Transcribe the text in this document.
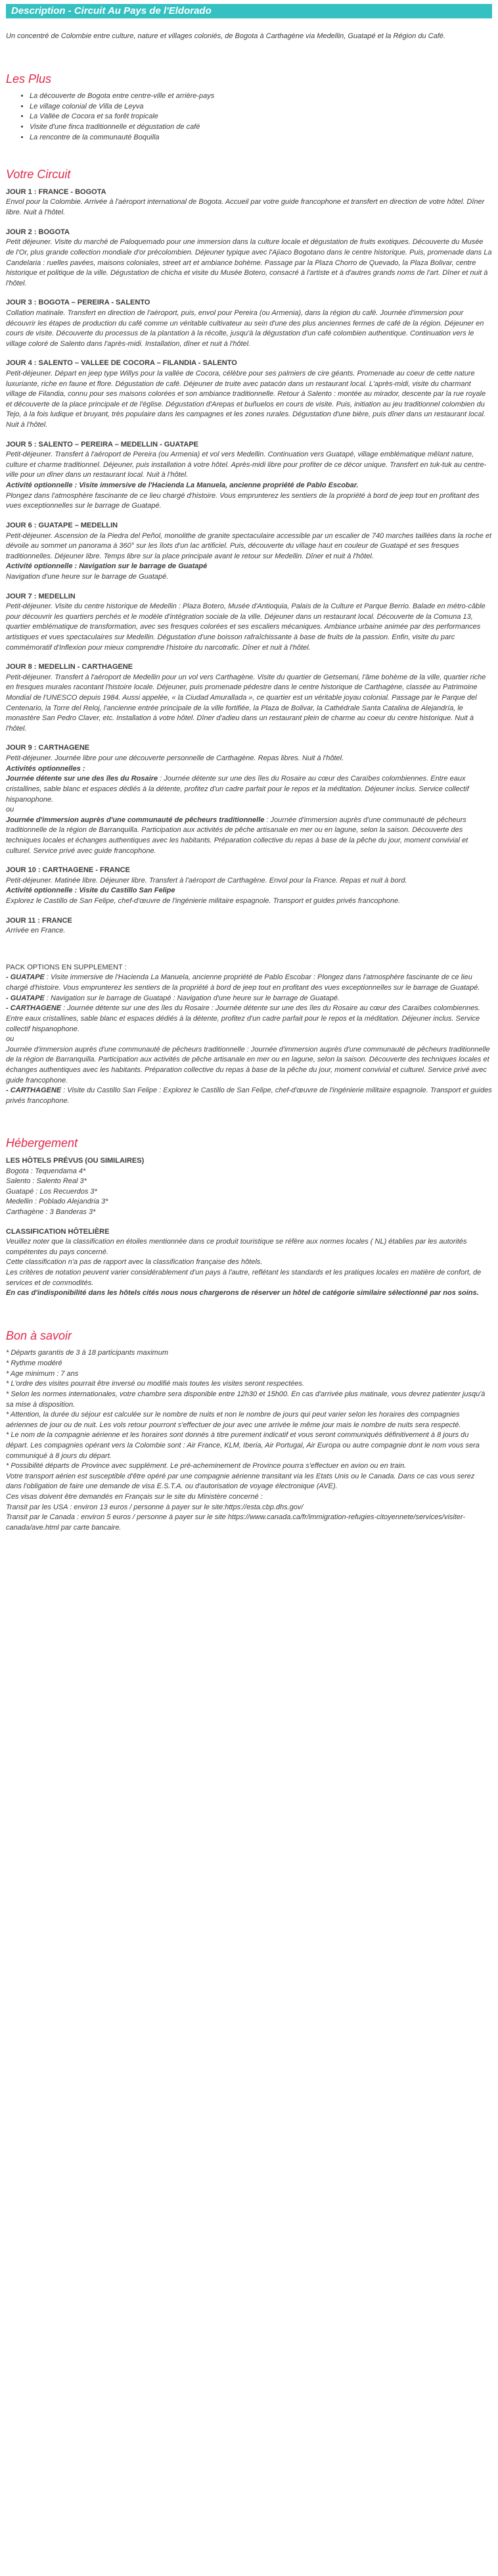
Description - Circuit Au Pays de l'Eldorado
Un concentré de Colombie entre culture, nature et villages coloniés, de Bogota à Carthagène via Medellin, Guatapé et la Région du Café.
Les Plus
• La découverte de Bogota entre centre-ville et arrière-pays
• Le village colonial de Villa de Leyva
• La Vallée de Cocora et sa forêt tropicale
• Visite d'une finca traditionnelle et dégustation de café
• La rencontre de la communauté Boquilla
Votre Circuit
JOUR 1 : FRANCE - BOGOTA
Envol pour la Colombie. Arrivée à l'aéroport international de Bogota. Accueil par votre guide francophone et transfert en direction de votre hôtel. Dîner libre. Nuit à l'hôtel.
JOUR 2 : BOGOTA
Petit déjeuner. Visite du marché de Paloquemado pour une immersion dans la culture locale et dégustation de fruits exotiques. Découverte du Musée de l'Or, plus grande collection mondiale d'or précolombien. Déjeuner typique avec l'Ajiaco Bogotano dans le centre historique. Puis, promenade dans La Candelaria : ruelles pavées, maisons coloniales, street art et ambiance bohème. Passage par la Plaza Chorro de Quevado, la Plaza Bolivar, centre historique et politique de la ville. Dégustation de chicha et visite du Musée Botero, consacré à l'artiste et à d'autres grands noms de l'art. Dîner et nuit à l'hôtel.
JOUR 3 : BOGOTA – PEREIRA - SALENTO
Collation matinale. Transfert en direction de l'aéroport, puis, envol pour Pereira (ou Armenia), dans la région du café. Journée d'immersion pour découvrir les étapes de production du café comme un véritable cultivateur au sein d'une des plus anciennes fermes de café de la région. Déjeuner en cours de visite. Découverte du processus de la plantation à la récolte, jusqu'à la dégustation d'un café colombien authentique. Continuation vers le village coloré de Salento dans l'après-midi. Installation, dîner et nuit à l'hôtel.
JOUR 4 : SALENTO – VALLEE DE COCORA – FILANDIA - SALENTO
Petit-déjeuner. Départ en jeep type Willys pour la vallée de Cocora, célèbre pour ses palmiers de cire géants. Promenade au coeur de cette nature luxuriante, riche en faune et flore. Dégustation de café. Déjeuner de truite avec patacón dans un restaurant local. L'après-midi, visite du charmant village de Filandia, connu pour ses maisons colorées et son ambiance traditionnelle. Retour à Salento : montée au mirador, descente par la rue royale et découverte de la place principale et de l'église. Dégustation d'Arepas et buñuelos en cours de visite. Puis, initiation au jeu traditionnel colombien du Tejo, à la fois ludique et bruyant, très populaire dans les campagnes et les zones rurales. Dégustation d'une bière, puis dîner dans un restaurant local. Nuit à l'hôtel.
JOUR 5 : SALENTO – PEREIRA – MEDELLIN - GUATAPE
Petit-déjeuner. Transfert à l'aéroport de Pereira (ou Armenia) et vol vers Medellin. Continuation vers Guatapé, village emblématique mêlant nature, culture et charme traditionnel. Déjeuner, puis installation à votre hôtel. Après-midi libre pour profiter de ce décor unique. Transfert en tuk-tuk au centre-ville pour un dîner dans un restaurant local. Nuit à l'hôtel.
Activité optionnelle : Visite immersive de l'Hacienda La Manuela, ancienne propriété de Pablo Escobar.
Plongez dans l'atmosphère fascinante de ce lieu chargé d'histoire. Vous emprunterez les sentiers de la propriété à bord de jeep tout en profitant des vues exceptionnelles sur le barrage de Guatapé.
JOUR 6 : GUATAPE – MEDELLIN
Petit-déjeuner. Ascension de la Piedra del Peñol, monolithe de granite spectaculaire accessible par un escalier de 740 marches taillées dans la roche et dévoile au sommet un panorama à 360° sur les îlots d'un lac artificiel. Puis, découverte du village haut en couleur de Guatapé et ses fresques traditionnelles. Déjeuner libre. Temps libre sur la place principale avant le retour sur Medellin. Dîner et nuit à l'hôtel.
Activité optionnelle : Navigation sur le barrage de Guatapé
Navigation d'une heure sur le barrage de Guatapé.
JOUR 7 : MEDELLIN
Petit-déjeuner. Visite du centre historique de Medellin : Plaza Botero, Musée d'Antioquia, Palais de la Culture et Parque Berrio. Balade en métro-câble pour découvrir les quartiers perchés et le modèle d'intégration sociale de la ville. Déjeuner dans un restaurant local. Découverte de la Comuna 13, quartier emblématique de transformation, avec ses fresques colorées et ses escaliers mécaniques. Ambiance urbaine animée par des performances artistiques et vues spectaculaires sur Medellin. Dégustation d'une boisson rafraîchissante à base de fruits de la passion. Enfin, visite du parc commémoratif d'Inflexion pour mieux comprendre l'histoire du narcotrafic. Dîner et nuit à l'hôtel.
JOUR 8 : MEDELLIN - CARTHAGENE
Petit-déjeuner. Transfert à l'aéroport de Medellin pour un vol vers Carthagène. Visite du quartier de Getsemani, l'âme bohème de la ville, quartier riche en fresques murales racontant l'histoire locale. Déjeuner, puis promenade pédestre dans le centre historique de Carthagène, classée au Patrimoine Mondial de l'UNESCO depuis 1984. Aussi appelée, « la Ciudad Amurallada », ce quartier est un véritable joyau colonial. Passage par le Parque del Centenario, la Torre del Reloj, l'ancienne entrée principale de la ville fortifiée, la Plaza de Bolivar, la Cathédrale Santa Catalina de Alejandría, le monastère San Pedro Claver, etc. Installation à votre hôtel. Dîner d'adieu dans un restaurant plein de charme au coeur du centre historique. Nuit à l'hôtel.
JOUR 9 : CARTHAGENE
Petit-déjeuner. Journée libre pour une découverte personnelle de Carthagène. Repas libres. Nuit à l'hôtel.
Activités optionnelles :
Journée détente sur une des îles du Rosaire : Journée détente sur une des îles du Rosaire au cœur des Caraïbes colombiennes. Entre eaux cristallines, sable blanc et espaces dédiés à la détente, profitez d'un cadre parfait pour le repos et la méditation. Déjeuner inclus. Service collectif hispanophone.
ou
Journée d'immersion auprès d'une communauté de pêcheurs traditionnelle : Journée d'immersion auprès d'une communauté de pêcheurs traditionnelle de la région de Barranquilla. Participation aux activités de pêche artisanale en mer ou en lagune, selon la saison. Découverte des techniques locales et échanges authentiques avec les habitants. Préparation collective du repas à base de la pêche du jour, moment convivial et culturel. Service privé avec guide francophone.
JOUR 10 : CARTHAGENE - FRANCE
Petit-déjeuner. Matinée libre. Déjeuner libre. Transfert à l'aéroport de Carthagène. Envol pour la France. Repas et nuit à bord.
Activité optionnelle : Visite du Castillo San Felipe
Explorez le Castillo de San Felipe, chef-d'œuvre de l'ingénierie militaire espagnole. Transport et guides privés francophone.
JOUR 11 : FRANCE
Arrivée en France.
PACK OPTIONS EN SUPPLEMENT :
- GUATAPE : Visite immersive de l'Hacienda La Manuela, ancienne propriété de Pablo Escobar : Plongez dans l'atmosphère fascinante de ce lieu chargé d'histoire. Vous emprunterez les sentiers de la propriété à bord de jeep tout en profitant des vues exceptionnelles sur le barrage de Guatapé.
- GUATAPE : Navigation sur le barrage de Guatapé : Navigation d'une heure sur le barrage de Guatapé.
- CARTHAGENE : Journée détente sur une des îles du Rosaire : Journée détente sur une des îles du Rosaire au cœur des Caraïbes colombiennes. Entre eaux cristallines, sable blanc et espaces dédiés à la détente, profitez d'un cadre parfait pour le repos et la méditation. Déjeuner inclus. Service collectif hispanophone.
ou
Journée d'immersion auprès d'une communauté de pêcheurs traditionnelle : Journée d'immersion auprès d'une communauté de pêcheurs traditionnelle de la région de Barranquilla. Participation aux activités de pêche artisanale en mer ou en lagune, selon la saison. Découverte des techniques locales et échanges authentiques avec les habitants. Préparation collective du repas à base de la pêche du jour, moment convivial et culturel. Service privé avec guide francophone.
- CARTHAGENE : Visite du Castillo San Felipe : Explorez le Castillo de San Felipe, chef-d'œuvre de l'ingénierie militaire espagnole. Transport et guides privés francophone.
Hébergement
LES HÔTELS PRÉVUS (OU SIMILAIRES)
Bogota : Tequendama 4*
Salento : Salento Real 3*
Guatapé : Los Recuerdos 3*
Medellin : Poblado Alejandria 3*
Carthagène : 3 Banderas 3*
CLASSIFICATION HÔTELIÈRE
Veuillez noter que la classification en étoiles mentionnée dans ce produit touristique se réfère aux normes locales ( NL) établies par les autorités compétentes du pays concerné.
Cette classification n'a pas de rapport avec la classification française des hôtels.
Les critères de notation peuvent varier considérablement d'un pays à l'autre, reflétant les standards et les pratiques locales en matière de confort, de services et de commodités.
En cas d'indisponibilité dans les hôtels cités nous nous chargerons de réserver un hôtel de catégorie similaire sélectionné par nos soins.
Bon à savoir
* Départs garantis de 3 à 18 participants maximum
* Rythme modéré
* Age minimum : 7 ans
* L'ordre des visites pourrait être inversé ou modifié mais toutes les visites seront respectées.
* Selon les normes internationales, votre chambre sera disponible entre 12h30 et 15h00. En cas d'arrivée plus matinale, vous devrez patienter jusqu'à sa mise à disposition.
* Attention, la durée du séjour est calculée sur le nombre de nuits et non le nombre de jours qui peut varier selon les horaires des compagnies aériennes de jour ou de nuit. Les vols retour pourront s'effectuer de jour avec une arrivée le même jour mais le nombre de nuits sera respecté.
* Le nom de la compagnie aérienne et les horaires sont donnés à titre purement indicatif et vous seront communiqués définitivement à 8 jours du départ. Les compagnies opérant vers la Colombie sont : Air France, KLM, Iberia, Air Portugal, Air Europa ou autre compagnie dont le nom vous sera communiqué à 8 jours du départ.
* Possibilité départs de Province avec supplément. Le pré-acheminement de Province pourra s'effectuer en avion ou en train.
Votre transport aérien est susceptible d'être opéré par une compagnie aérienne transitant via les Etats Unis ou le Canada. Dans ce cas vous serez dans l'obligation de faire une demande de visa E.S.T.A. ou d'autorisation de voyage électronique (AVE).
Ces visas doivent être demandés en Français sur le site du Ministère concerné :
Transit par les USA : environ 13 euros / personne à payer sur le site:https://esta.cbp.dhs.gov/
Transit par le Canada : environ 5 euros / personne à payer sur le site https://www.canada.ca/fr/immigration-refugies-citoyennete/services/visiter-canada/ave.html par carte bancaire.
